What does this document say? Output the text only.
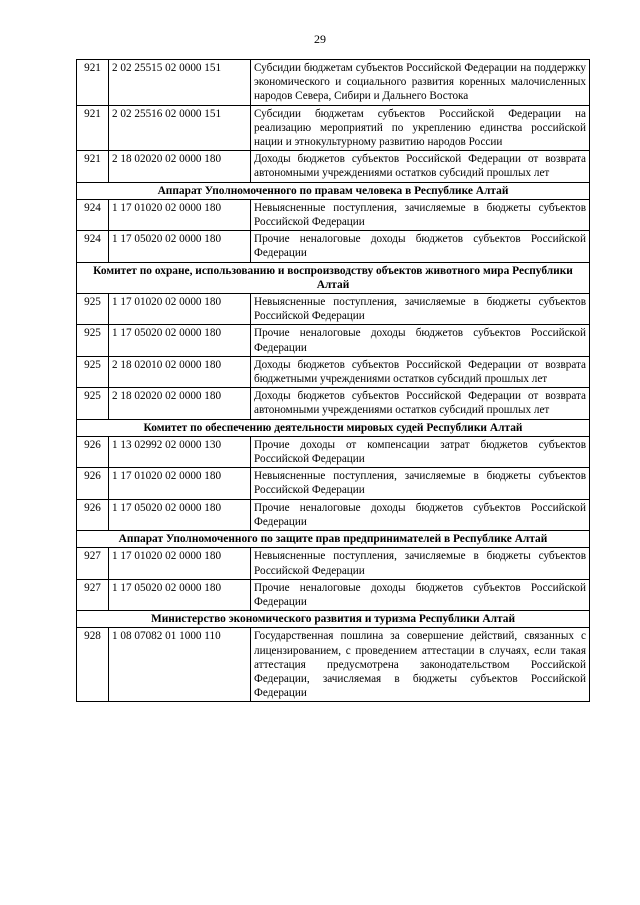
29
921	2 02 25515 02 0000 151	Субсидии бюджетам субъектов Российской Федерации на поддержку экономического и социального развития коренных малочисленных народов Севера, Сибири и Дальнего Востока
921	2 02 25516 02 0000 151	Субсидии бюджетам субъектов Российской Федерации на реализацию мероприятий по укреплению единства российской нации и этнокультурному развитию народов России
921	2 18 02020 02 0000 180	Доходы бюджетов субъектов Российской Федерации от возврата автономными учреждениями остатков субсидий прошлых лет
Аппарат Уполномоченного по правам человека в Республике Алтай		
924	1 17 01020 02 0000 180	Невыясненные поступления, зачисляемые в бюджеты субъектов Российской Федерации
924	1 17 05020 02 0000 180	Прочие неналоговые доходы бюджетов субъектов Российской Федерации
Комитет по охране, использованию и воспроизводству объектов животного мира Республики Алтай		
925	1 17 01020 02 0000 180	Невыясненные поступления, зачисляемые в бюджеты субъектов Российской Федерации
925	1 17 05020 02 0000 180	Прочие неналоговые доходы бюджетов субъектов Российской Федерации
925	2 18 02010 02 0000 180	Доходы бюджетов субъектов Российской Федерации от возврата бюджетными учреждениями остатков субсидий прошлых лет
925	2 18 02020 02 0000 180	Доходы бюджетов субъектов Российской Федерации от возврата автономными учреждениями остатков субсидий прошлых лет
Комитет по обеспечению деятельности мировых судей Республики Алтай		
926	1 13 02992 02 0000 130	Прочие доходы от компенсации затрат бюджетов субъектов Российской Федерации
926	1 17 01020 02 0000 180	Невыясненные поступления, зачисляемые в бюджеты субъектов Российской Федерации
926	1 17 05020 02 0000 180	Прочие неналоговые доходы бюджетов субъектов Российской Федерации
Аппарат Уполномоченного по защите прав предпринимателей в Республике Алтай		
927	1 17 01020 02 0000 180	Невыясненные поступления, зачисляемые в бюджеты субъектов Российской Федерации
927	1 17 05020 02 0000 180	Прочие неналоговые доходы бюджетов субъектов Российской Федерации
Министерство экономического развития и туризма Республики Алтай		
928	1 08 07082 01 1000 110	Государственная пошлина за совершение действий, связанных с лицензированием, с проведением аттестации в случаях, если такая аттестация предусмотрена законодательством Российской Федерации, зачисляемая в бюджеты субъектов Российской Федерации
